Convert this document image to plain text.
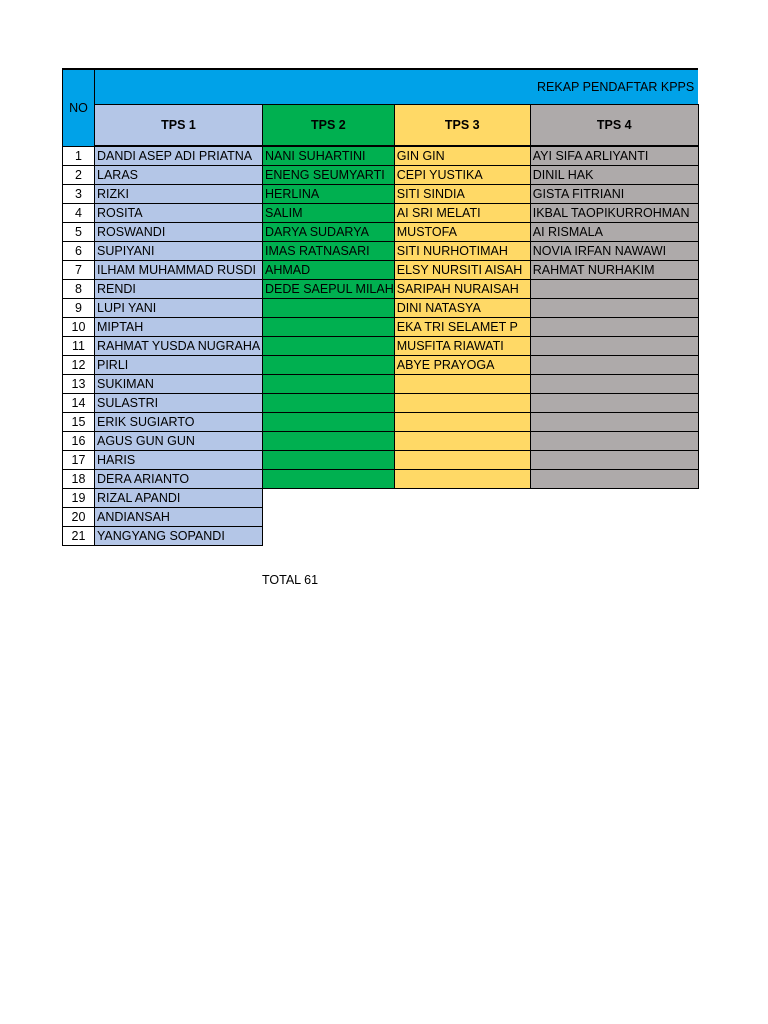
NO	REKAP PENDAFTAR KPPS			
	TPS 1	TPS 2	TPS 3	TPS 4
1	DANDI ASEP ADI PRIATNA	NANI SUHARTINI	GIN GIN	AYI SIFA ARLIYANTI
2	LARAS	ENENG SEUMYARTI	CEPI YUSTIKA	DINIL HAK
3	RIZKI	HERLINA	SITI SINDIA	GISTA FITRIANI
4	ROSITA	SALIM	AI SRI MELATI	IKBAL TAOPIKURROHMAN
5	ROSWANDI	DARYA SUDARYA	MUSTOFA	AI RISMALA
6	SUPIYANI	IMAS RATNASARI	SITI NURHOTIMAH	NOVIA IRFAN NAWAWI
7	ILHAM MUHAMMAD RUSDI	AHMAD	ELSY NURSITI AISAH	RAHMAT NURHAKIM
8	RENDI	DEDE SAEPUL MILAH	SARIPAH NURAISAH	
9	LUPI YANI		DINI NATASYA	
10	MIPTAH		EKA TRI SELAMET P	
11	RAHMAT YUSDA NUGRAHA		MUSFITA RIAWATI	
12	PIRLI		ABYE PRAYOGA	
13	SUKIMAN			
14	SULASTRI			
15	ERIK SUGIARTO			
16	AGUS GUN GUN			
17	HARIS			
18	DERA ARIANTO			
19	RIZAL APANDI			
20	ANDIANSAH			
21	YANGYANG SOPANDI			
TOTAL 61
